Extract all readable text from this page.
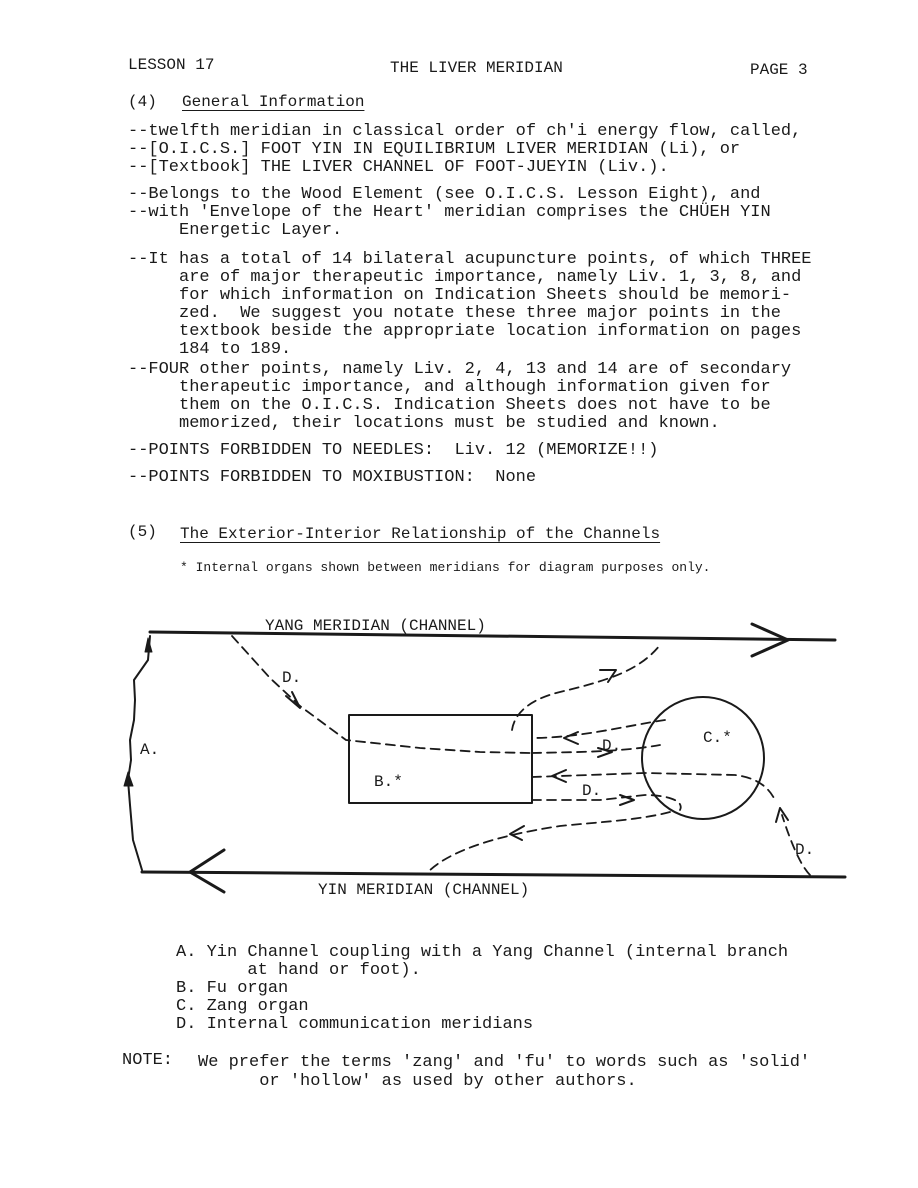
LESSON 17	THE LIVER MERIDIAN	PAGE 3
(4) General Information

--twelfth meridian in classical order of ch'i energy flow, called,

--[O.I.C.S.] FOOT YIN IN EQUILIBRIUM LIVER MERIDIAN (Li), or

--[Textbook] THE LIVER CHANNEL OF FOOT-JUEYIN (Liv.).

--Belongs to the Wood Element (see O.I.C.S. Lesson Eight), and

--with 'Envelope of the Heart' meridian comprises the CHÜEH YIN

Energetic Layer.

--It has a total of 14 bilateral acupuncture points, of which THREE

are of major therapeutic importance, namely Liv. 1, 3, 8, and

for which information on Indication Sheets should be memori-

zed.  We suggest you notate these three major points in the

textbook beside the appropriate location information on pages

184 to 189.

--FOUR other points, namely Liv. 2, 4, 13 and 14 are of secondary

therapeutic importance, and although information given for

them on the O.I.C.S. Indication Sheets does not have to be

memorized, their locations must be studied and known.

--POINTS FORBIDDEN TO NEEDLES:  Liv. 12 (MEMORIZE!!)

--POINTS FORBIDDEN TO MOXIBUSTION:  None

(5) The Exterior-Interior Relationship of the Channels
* Internal organs shown between meridians for diagram purposes only.
YANG MERIDIAN (CHANNEL)
YIN MERIDIAN (CHANNEL)
A.
B.*
C.*
D.
D.
D.
D.

A. Yin Channel coupling with a Yang Channel (internal branch

at hand or foot).

B. Fu organ

C. Zang organ

D. Internal communication meridians

NOTE: We prefer the terms 'zang' and 'fu' to words such as 'solid'
or 'hollow' as used by other authors.
